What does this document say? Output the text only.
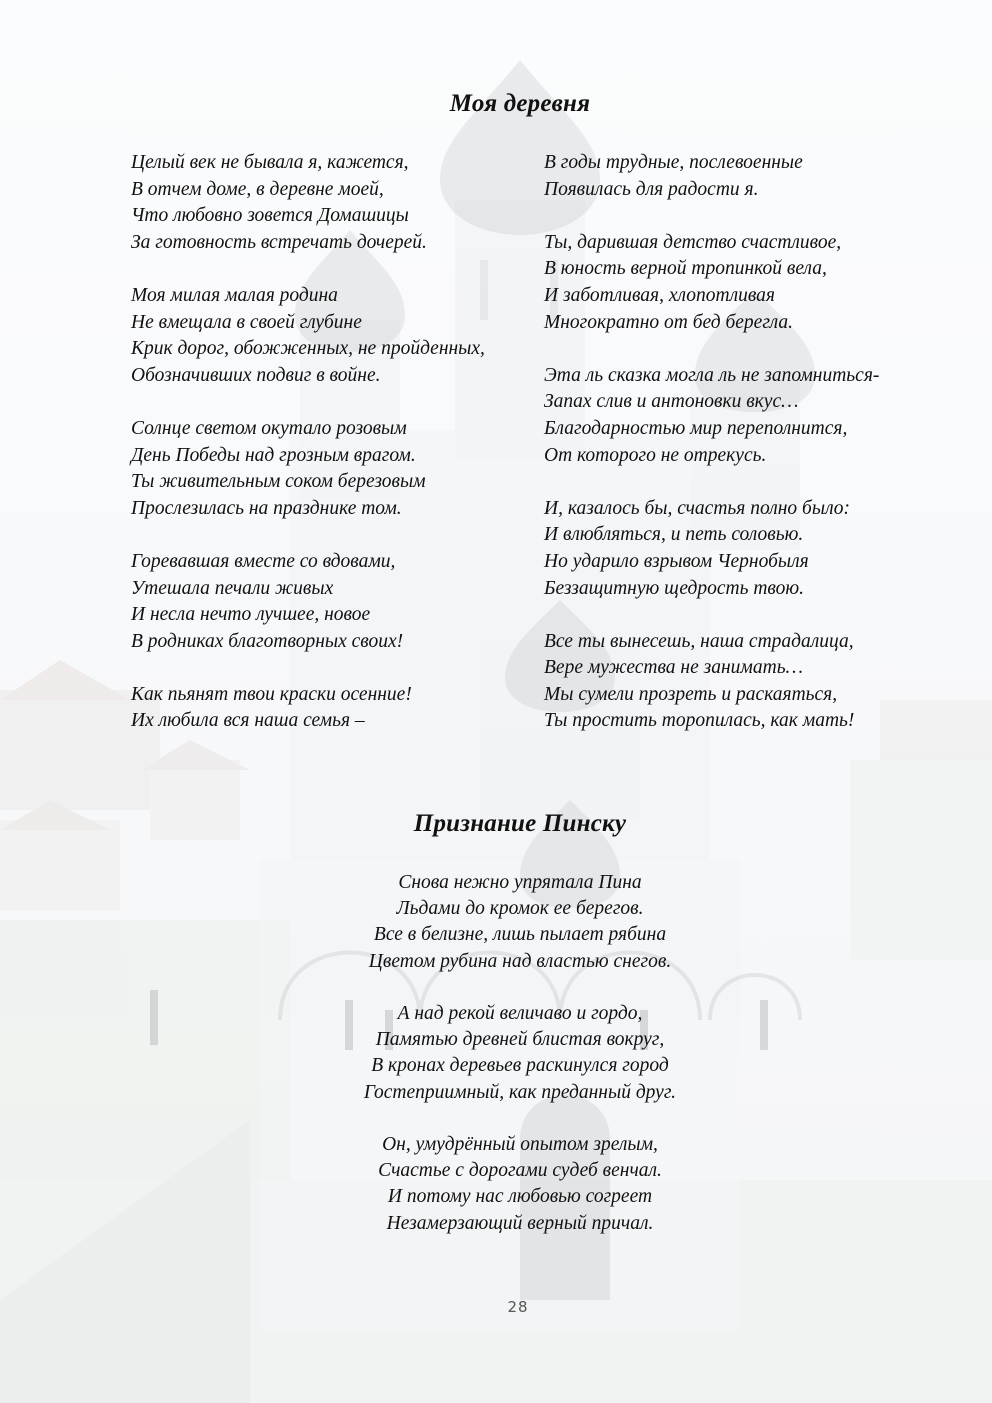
Моя деревня
Целый век не бывала я, кажется,
В отчем доме, в деревне моей,
Что любовно зовется Домашицы
За готовность встречать дочерей.
Моя милая малая родина
Не вмещала в своей глубине
Крик дорог, обожженных, не пройденных,
Обозначивших подвиг в войне.
Солнце светом окутало розовым
День Победы над грозным врагом.
Ты живительным соком березовым
Прослезилась на празднике том.
Горевавшая вместе со вдовами,
Утешала печали живых
И несла нечто лучшее, новое
В родниках благотворных своих!
Как пьянят твои краски осенние!
Их любила вся наша семья –
В годы трудные, послевоенные
Появилась для радости я.
Ты, дарившая детство счастливое,
В юность верной тропинкой вела,
И заботливая, хлопотливая
Многократно от бед берегла.
Эта ль сказка могла ль не запомниться-
Запах слив и антоновки вкус…
Благодарностью мир переполнится,
От которого не отрекусь.
И, казалось бы, счастья полно было:
И влюбляться, и петь соловью.
Но ударило взрывом Чернобыля
Беззащитную щедрость твою.
Все ты вынесешь, наша страдалица,
Вере мужества не занимать…
Мы сумели прозреть и раскаяться,
Ты простить торопилась, как мать!
Признание Пинску
Снова нежно упрятала Пина
Льдами до кромок ее берегов.
Все в белизне, лишь пылает рябина
Цветом рубина над властью снегов.
А над рекой величаво и гордо,
Памятью древней блистая вокруг,
В кронах деревьев раскинулся город
Гостеприимный, как преданный друг.
Он, умудрённый опытом зрелым,
Счастье с дорогами судеб венчал.
И потому нас любовью согреет
Незамерзающий верный причал.
28
